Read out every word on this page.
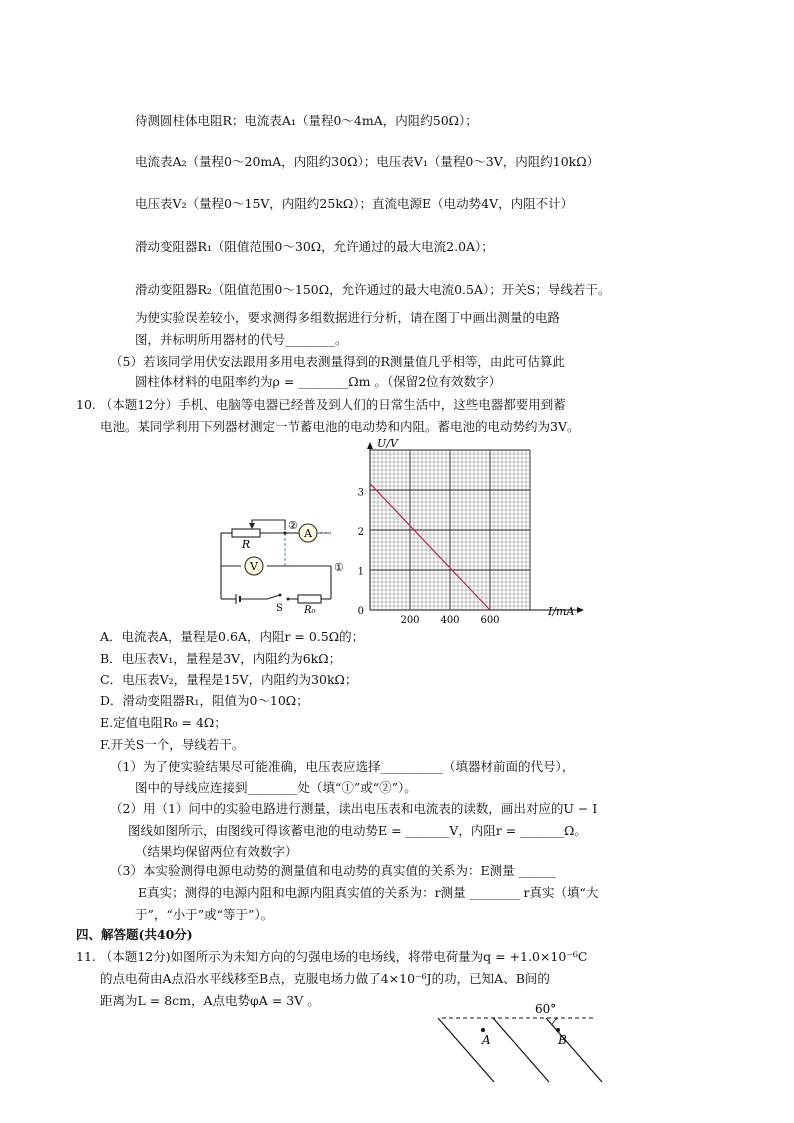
待测圆柱体电阻R；电流表A₁（量程0～4mA，内阻约50Ω）；
电流表A₂（量程0～20mA，内阻约30Ω）；电压表V₁（量程0～3V，内阻约10kΩ）
电压表V₂（量程0～15V，内阻约25kΩ）；直流电源E（电动势4V，内阻不计）
滑动变阻器R₁（阻值范围0～30Ω，允许通过的最大电流2.0A）；
滑动变阻器R₂（阻值范围0～150Ω，允许通过的最大电流0.5A）；开关S；导线若干。
为使实验误差较小，要求测得多组数据进行分析，请在图丁中画出测量的电路
图，并标明所用器材的代号________。
（5）若该同学用伏安法跟用多用电表测量得到的R测量值几乎相等，由此可估算此
圆柱体材料的电阻率约为ρ = ________Ωm 。（保留2位有效数字）
10. （本题12分）手机、电脑等电器已经普及到人们的日常生活中，这些电器都要用到蓄
电池。某同学利用下列器材测定一节蓄电池的电动势和内阻。蓄电池的电动势约为3V。
A
V
R
②
①
S R₀
200 400 600
0
1
2
3
U/V
I/mA
A．电流表A，量程是0.6A，内阻r = 0.5Ω的；
B．电压表V₁，量程是3V，内阻约为6kΩ；
C．电压表V₂，量程是15V，内阻约为30kΩ；
D．滑动变阻器R₁，阻值为0～10Ω；
E.定值电阻R₀ = 4Ω；
F.开关S一个，导线若干。
（1）为了使实验结果尽可能准确，电压表应选择__________（填器材前面的代号），
图中的导线应连接到________处（填“①”或“②”）。
（2）用（1）问中的实验电路进行测量，读出电压表和电流表的读数，画出对应的U − I
图线如图所示，由图线可得该蓄电池的电动势E = _______V，内阻r = _______Ω。
（结果均保留两位有效数字）
（3）本实验测得电源电动势的测量值和电动势的真实值的关系为：E测量 ______
E真实；测得的电源内阻和电源内阻真实值的关系为：r测量 ________ r真实（填“大
于”，“小于”或“等于”）。
四、解答题(共40分)
11. （本题12分)如图所示为未知方向的匀强电场的电场线，将带电荷量为q = +1.0×10⁻⁶C
的点电荷由A点沿水平线移至B点，克服电场力做了4×10⁻⁶J的功，已知A、B间的
距离为L = 8cm，A点电势φA = 3V 。
60°
A	B
